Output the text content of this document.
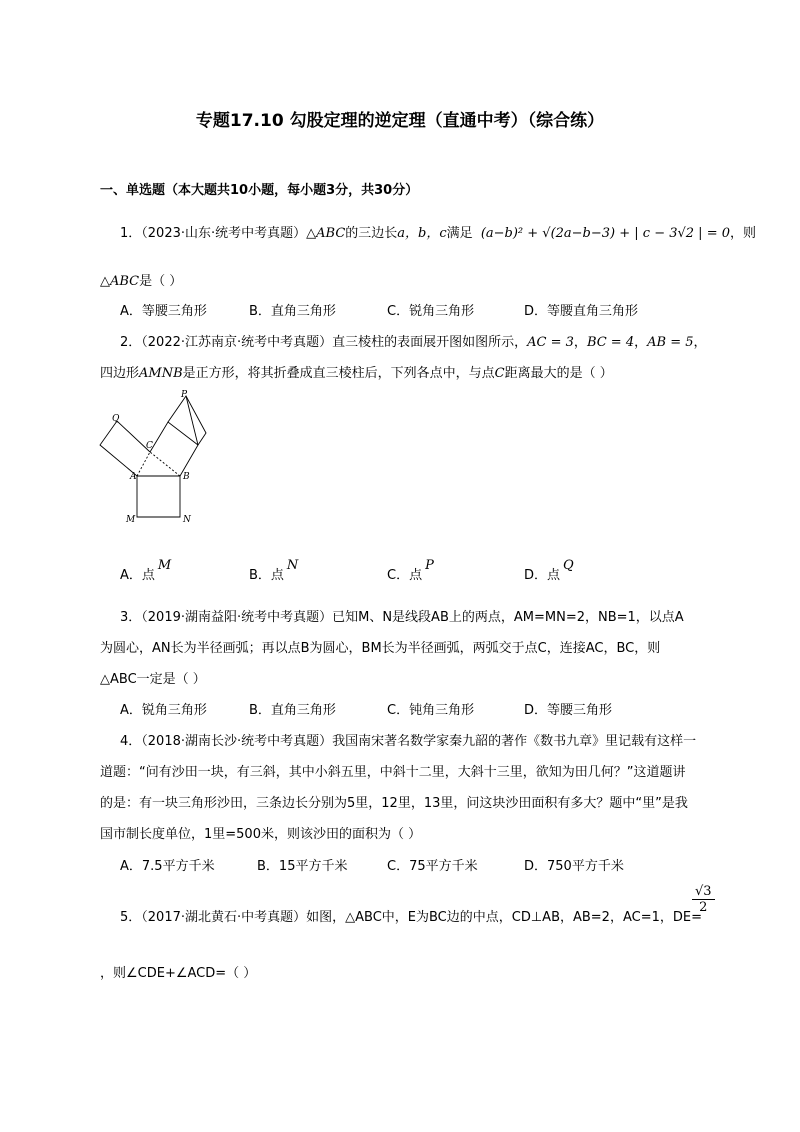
专题17.10 勾股定理的逆定理（直通中考）（综合练）
一、单选题（本大题共10小题，每小题3分，共30分）
1．（2023·山东·统考中考真题）△ABC的三边长a，b，c满足 (a−b)² + √(2a−b−3) + | c − 3√2 | = 0，则
△ABC是（ ）
A．等腰三角形	B．直角三角形	C．锐角三角形	D．等腰直角三角形
2．（2022·江苏南京·统考中考真题）直三棱柱的表面展开图如图所示，AC = 3，BC = 4，AB = 5，
四边形AMNB是正方形，将其折叠成直三棱柱后，下列各点中，与点C距离最大的是（ ）
P
Q
C
A	B
M	N
A．点M
B．点N
C．点P
D．点Q
3．（2019·湖南益阳·统考中考真题）已知M、N是线段AB上的两点，AM=MN=2，NB=1，以点A
为圆心，AN长为半径画弧；再以点B为圆心，BM长为半径画弧，两弧交于点C，连接AC，BC，则
△ABC一定是（ ）
A．锐角三角形	B．直角三角形	C．钝角三角形	D．等腰三角形
4．（2018·湖南长沙·统考中考真题）我国南宋著名数学家秦九韶的著作《数书九章》里记载有这样一
道题：“问有沙田一块，有三斜，其中小斜五里，中斜十二里，大斜十三里，欲知为田几何？”这道题讲
的是：有一块三角形沙田，三条边长分别为5里，12里，13里，问这块沙田面积有多大？题中“里”是我
国市制长度单位，1里=500米，则该沙田的面积为（ ）
A．7.5平方千米	B．15平方千米	C．75平方千米	D．750平方千米
5．（2017·湖北黄石·中考真题）如图，△ABC中，E为BC边的中点，CD⊥AB，AB=2，AC=1，DE=
$\frac{√3}{2}$
，则∠CDE+∠ACD=（ ）
